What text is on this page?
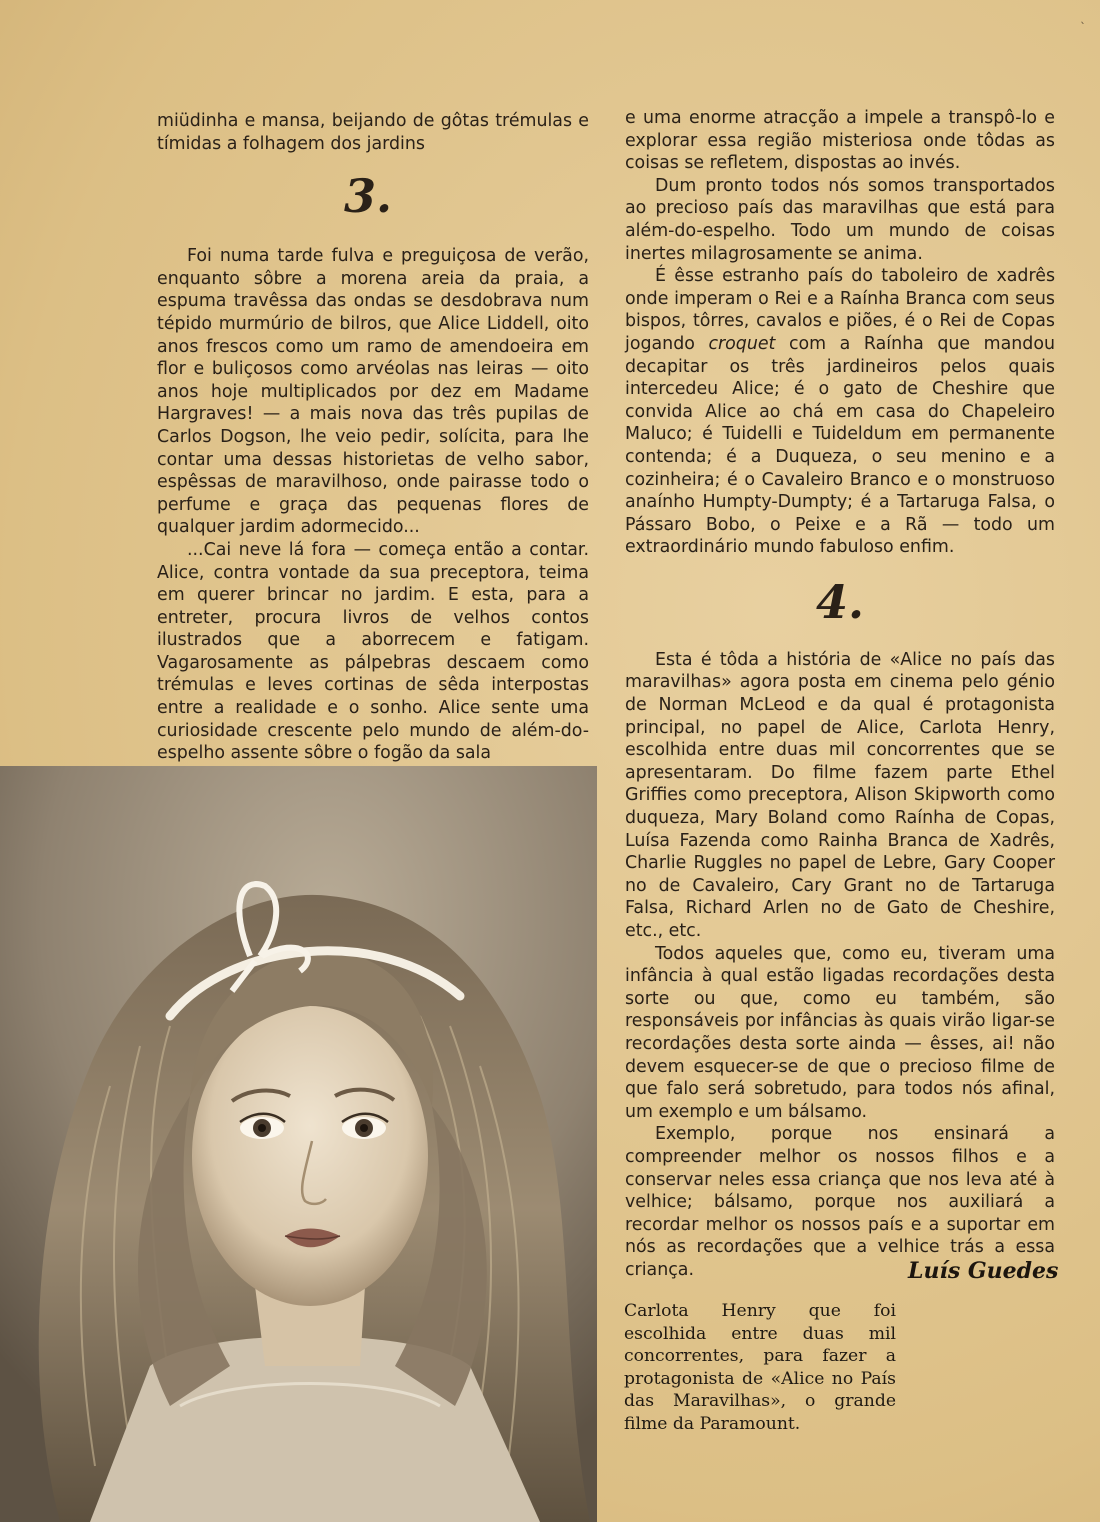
ˎ

miüdinha e mansa, beijando de gôtas trémulas e tímidas a folhagem dos jardins

3.

Foi numa tarde fulva e preguiçosa de verão, enquanto sôbre a morena areia da praia, a espuma travêssa das ondas se desdobrava num tépido murmúrio de bilros, que Alice Liddell, oito anos frescos como um ramo de amendoeira em flor e buliçosos como arvéolas nas leiras — oito anos hoje multiplicados por dez em Madame Hargraves! — a mais nova das três pupilas de Carlos Dogson, lhe veio pedir, solícita, para lhe contar uma dessas historietas de velho sabor, espêssas de maravilhoso, onde pairasse todo o perfume e graça das pequenas flores de qualquer jardim adormecido...

...Cai neve lá fora — começa então a contar. Alice, contra vontade da sua preceptora, teima em querer brincar no jardim. E esta, para a entreter, procura livros de velhos contos ilustrados que a aborrecem e fatigam. Vagarosamente as pálpebras descaem como trémulas e leves cortinas de sêda interpostas entre a realidade e o sonho. Alice sente uma curiosidade crescente pelo mundo de além-do-espelho assente sôbre o fogão da sala

e uma enorme atracção a impele a transpô-lo e explorar essa região misteriosa onde tôdas as coisas se refletem, dispostas ao invés.

Dum pronto todos nós somos transportados ao precioso país das maravilhas que está para além-do-espelho. Todo um mundo de coisas inertes milagrosamente se anima.

É êsse estranho país do taboleiro de xadrês onde imperam o Rei e a Raínha Branca com seus bispos, tôrres, cavalos e piões, é o Rei de Copas jogando croquet com a Raínha que mandou decapitar os três jardineiros pelos quais intercedeu Alice; é o gato de Cheshire que convida Alice ao chá em casa do Chapeleiro Maluco; é Tuidelli e Tuideldum em permanente contenda; é a Duqueza, o seu menino e a cozinheira; é o Cavaleiro Branco e o monstruoso anaínho Humpty-Dumpty; é a Tartaruga Falsa, o Pássaro Bobo, o Peixe e a Rã — todo um extraordinário mundo fabuloso enfim.

4.

Esta é tôda a história de «Alice no país das maravilhas» agora posta em cinema pelo génio de Norman McLeod e da qual é protagonista principal, no papel de Alice, Carlota Henry, escolhida entre duas mil concorrentes que se apresentaram. Do filme fazem parte Ethel Griffies como preceptora, Alison Skipworth como duqueza, Mary Boland como Raínha de Copas, Luísa Fazenda como Rainha Branca de Xadrês, Charlie Ruggles no papel de Lebre, Gary Cooper no de Cavaleiro, Cary Grant no de Tartaruga Falsa, Richard Arlen no de Gato de Cheshire, etc., etc.

Todos aqueles que, como eu, tiveram uma infância à qual estão ligadas recordações desta sorte ou que, como eu também, são responsáveis por infâncias às quais virão ligar-se recordações desta sorte ainda — êsses, ai! não devem esquecer-se de que o precioso filme de que falo será sobretudo, para todos nós afinal, um exemplo e um bálsamo.

Exemplo, porque nos ensinará a compreender melhor os nossos filhos e a conservar neles essa criança que nos leva até à velhice; bálsamo, porque nos auxiliará a recordar melhor os nossos país e a suportar em nós as recordações que a velhice trás a essa criança.	Luís Guedes
Carlota Henry que foi escolhida entre duas mil concorrentes, para fazer a protagonista de «Alice no País das Maravilhas», o grande filme da Paramount.
